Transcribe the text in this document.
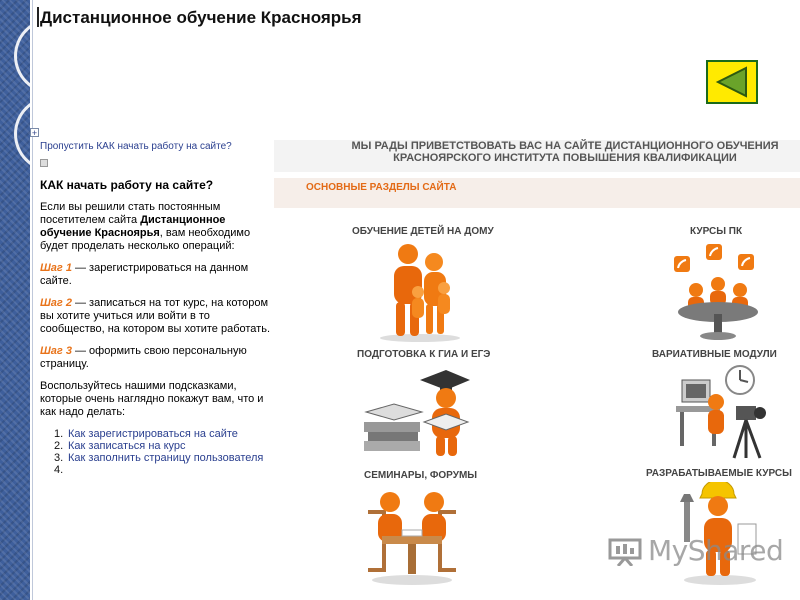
Дистанционное обучение Красноярья
+
Пропустить КАК начать работу на сайте?
КАК начать работу на сайте?

Если вы решили стать постоянным посетителем сайта Дистанционное обучение Красноярья, вам необходимо будет проделать несколько операций:

Шаг 1 — зарегистрироваться на данном сайте.

Шаг 2 — записаться на тот курс, на котором вы хотите учиться или войти в то сообщество, на котором вы хотите работать.

Шаг 3 — оформить свою персональную страницу.

Воспользуйтесь нашими подсказками, которые очень наглядно покажут вам, что и как надо делать:

1. Как зарегистрироваться на сайте
2. Как записаться на курс
3. Как заполнить страницу пользователя
4.
МЫ РАДЫ ПРИВЕТСТВОВАТЬ ВАС НА САЙТЕ ДИСТАНЦИОННОГО ОБУЧЕНИЯ
КРАСНОЯРСКОГО ИНСТИТУТА ПОВЫШЕНИЯ КВАЛИФИКАЦИИ
ОСНОВНЫЕ РАЗДЕЛЫ САЙТА
ОБУЧЕНИЕ ДЕТЕЙ НА ДОМУ	КУРСЫ ПК
ПОДГОТОВКА К ГИА И ЕГЭ	ВАРИАТИВНЫЕ МОДУЛИ
СЕМИНАРЫ, ФОРУМЫ	РАЗРАБАТЫВАЕМЫЕ КУРСЫ
MyShared
